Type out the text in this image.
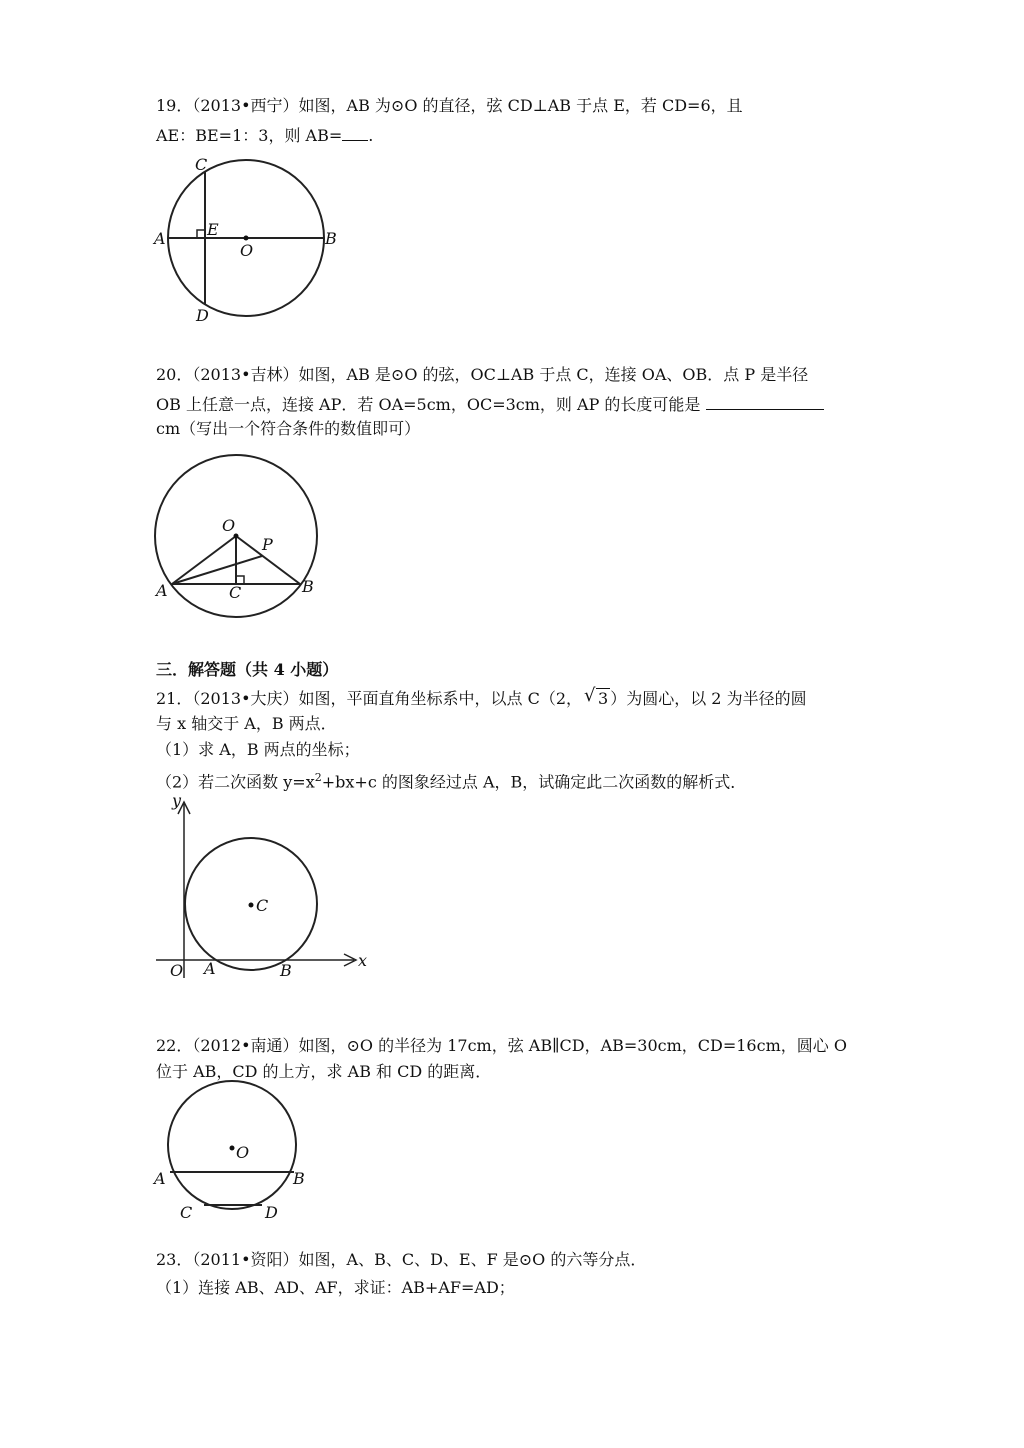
19．（2013•西宁）如图，AB 为⊙O 的直径，弦 CD⊥AB 于点 E，若 CD=6，且
AE：BE=1：3，则 AB= .
A	B
C
D
E
O
20．（2013•吉林）如图，AB 是⊙O 的弦，OC⊥AB 于点 C，连接 OA、OB．点 P 是半径
OB 上任意一点，连接 AP．若 OA=5cm，OC=3cm，则 AP 的长度可能是
cm（写出一个符合条件的数值即可）
O
P
A	B
C
三．解答题（共 4 小题）
21．（2013•大庆）如图，平面直角坐标系中，以点 C（2，√ 3 ）为圆心，以 2 为半径的圆
与 x 轴交于 A，B 两点．
（1）求 A，B 两点的坐标；
（2）若二次函数 $y=x^2+bx+c$ 的图象经过点 A，B，试确定此二次函数的解析式．
y
x
O A	B
C
22．（2012•南通）如图，⊙O 的半径为 17cm，弦 AB∥CD，AB=30cm，CD=16cm，圆心 O
位于 AB，CD 的上方，求 AB 和 CD 的距离．
O
A	B
C	D
23．（2011•资阳）如图，A、B、C、D、E、F 是⊙O 的六等分点．
（1）连接 AB、AD、AF，求证：AB+AF=AD；
